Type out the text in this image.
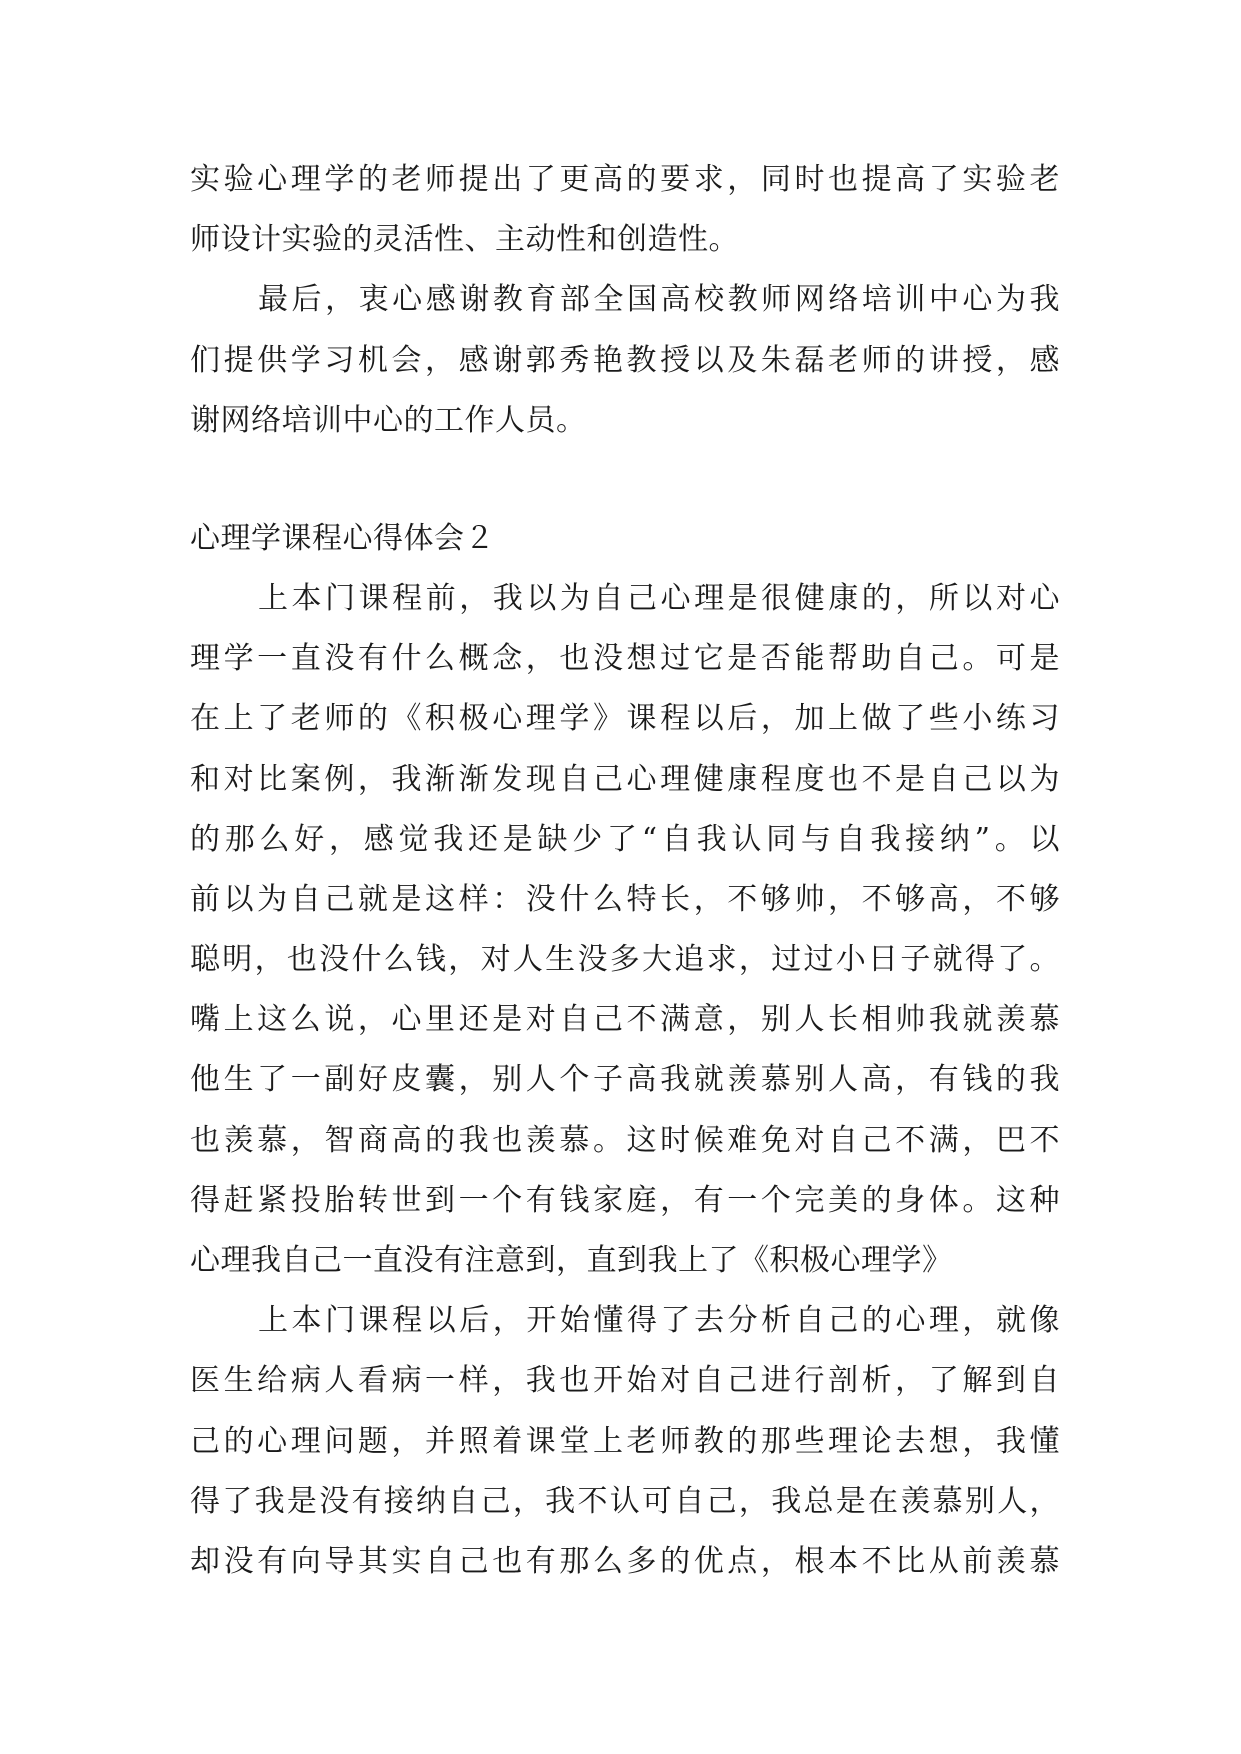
实验心理学的老师提出了更高的要求，同时也提高了实验老
师设计实验的灵活性、主动性和创造性。
最后，衷心感谢教育部全国高校教师网络培训中心为我
们提供学习机会，感谢郭秀艳教授以及朱磊老师的讲授，感
谢网络培训中心的工作人员。
心理学课程心得体会２
上本门课程前，我以为自己心理是很健康的，所以对心
理学一直没有什么概念，也没想过它是否能帮助自己。可是
在上了老师的《积极心理学》课程以后，加上做了些小练习
和对比案例，我渐渐发现自己心理健康程度也不是自己以为
的那么好，感觉我还是缺少了“自我认同与自我接纳”。以
前以为自己就是这样：没什么特长，不够帅，不够高，不够
聪明，也没什么钱，对人生没多大追求，过过小日子就得了。
嘴上这么说，心里还是对自己不满意，别人长相帅我就羡慕
他生了一副好皮囊，别人个子高我就羡慕别人高，有钱的我
也羡慕，智商高的我也羡慕。这时候难免对自己不满，巴不
得赶紧投胎转世到一个有钱家庭，有一个完美的身体。这种
心理我自己一直没有注意到，直到我上了《积极心理学》
上本门课程以后，开始懂得了去分析自己的心理，就像
医生给病人看病一样，我也开始对自己进行剖析，了解到自
己的心理问题，并照着课堂上老师教的那些理论去想，我懂
得了我是没有接纳自己，我不认可自己，我总是在羡慕别人，
却没有向导其实自己也有那么多的优点，根本不比从前羡慕
